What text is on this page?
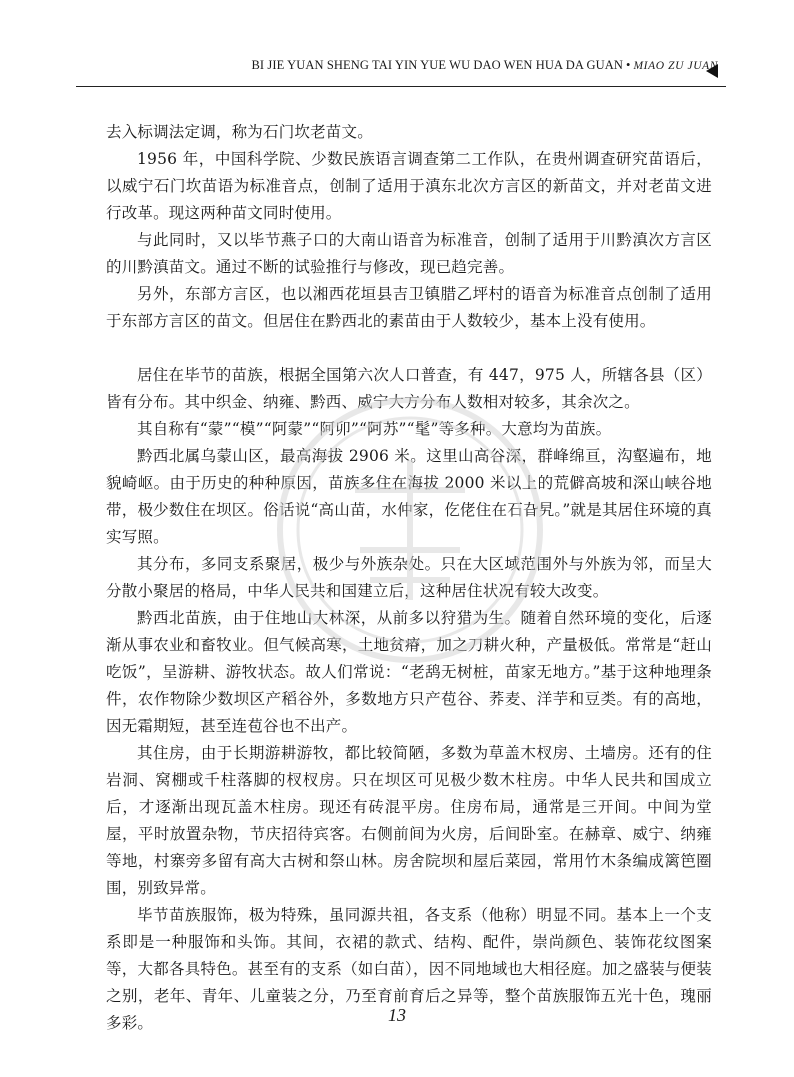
BI JIE YUAN SHENG TAI YIN YUE WU DAO WEN HUA DA GUAN • MIAO ZU JUAN

去入标调法定调，称为石门坎老苗文。

1956 年，中国科学院、少数民族语言调查第二工作队，在贵州调查研究苗语后，以威宁石门坎苗语为标准音点，创制了适用于滇东北次方言区的新苗文，并对老苗文进行改革。现这两种苗文同时使用。

与此同时，又以毕节燕子口的大南山语音为标准音，创制了适用于川黔滇次方言区的川黔滇苗文。通过不断的试验推行与修改，现已趋完善。

另外，东部方言区，也以湘西花垣县吉卫镇腊乙坪村的语音为标准音点创制了适用于东部方言区的苗文。但居住在黔西北的素苗由于人数较少，基本上没有使用。

居住在毕节的苗族，根据全国第六次人口普查，有 447，975 人，所辖各县（区）皆有分布。其中织金、纳雍、黔西、威宁大方分布人数相对较多，其余次之。

其自称有“蒙”“模”“阿蒙”“阿卯”“阿苏”“髦”等多种。大意均为苗族。

黔西北属乌蒙山区，最高海拔 2906 米。这里山高谷深，群峰绵亘，沟壑遍布，地貌崎岖。由于历史的种种原因，苗族多住在海拔 2000 米以上的荒僻高坡和深山峡谷地带，极少数住在坝区。俗话说“高山苗，水仲家，仡佬住在石旮旯。”就是其居住环境的真实写照。

其分布，多同支系聚居，极少与外族杂处。只在大区域范围外与外族为邻，而呈大分散小聚居的格局，中华人民共和国建立后，这种居住状况有较大改变。

黔西北苗族，由于住地山大林深，从前多以狩猎为生。随着自然环境的变化，后逐渐从事农业和畜牧业。但气候高寒，土地贫瘠，加之刀耕火种，产量极低。常常是“赶山吃饭”，呈游耕、游牧状态。故人们常说：“老鸹无树桩，苗家无地方。”基于这种地理条件，农作物除少数坝区产稻谷外，多数地方只产苞谷、荞麦、洋芋和豆类。有的高地，因无霜期短，甚至连苞谷也不出产。

其住房，由于长期游耕游牧，都比较简陋，多数为草盖木杈房、土墙房。还有的住岩洞、窝棚或千柱落脚的杈杈房。只在坝区可见极少数木柱房。中华人民共和国成立后，才逐渐出现瓦盖木柱房。现还有砖混平房。住房布局，通常是三开间。中间为堂屋，平时放置杂物，节庆招待宾客。右侧前间为火房，后间卧室。在赫章、威宁、纳雍等地，村寨旁多留有高大古树和祭山林。房舍院坝和屋后菜园，常用竹木条编成篱笆圈围，别致异常。

毕节苗族服饰，极为特殊，虽同源共祖，各支系（他称）明显不同。基本上一个支系即是一种服饰和头饰。其间，衣裙的款式、结构、配件，崇尚颜色、装饰花纹图案等，大都各具特色。甚至有的支系（如白苗），因不同地域也大相径庭。加之盛装与便装之别，老年、青年、儿童装之分，乃至育前育后之异等，整个苗族服饰五光十色，瑰丽多彩。	13
